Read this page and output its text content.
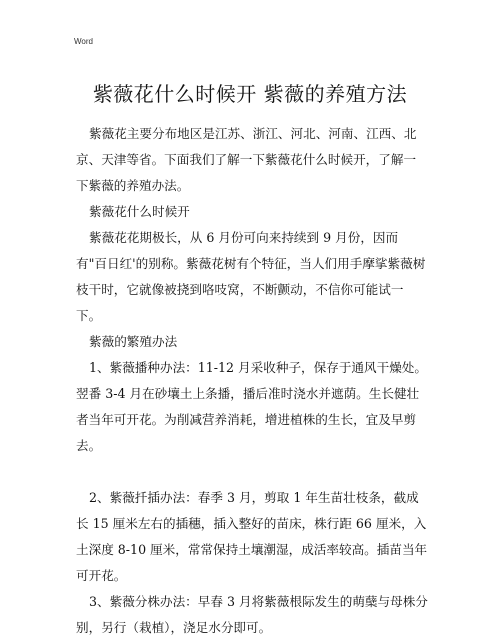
Word
紫薇花什么时候开 紫薇的养殖方法

紫薇花主要分布地区是江苏、浙江、河北、河南、江西、北京、天津等省。下面我们了解一下紫薇花什么时候开，了解一下紫薇的养殖办法。

紫薇花什么时候开

紫薇花花期极长，从 6 月份可向来持续到 9 月份，因而有"百日红'的别称。紫薇花树有个特征，当人们用手摩挲紫薇树枝干时，它就像被挠到咯吱窝，不断颤动，不信你可能试一下。

紫薇的繁殖办法

1、紫薇播种办法：11-12 月采收种子，保存于通风干燥处。翌番 3-4 月在砂壤土上条播，播后准时浇水并遮荫。生长健壮者当年可开花。为削减营养消耗，增进植株的生长，宜及早剪去。

2、紫薇扦插办法：春季 3 月，剪取 1 年生苗壮枝条，截成长 15 厘米左右的插穗，插入整好的苗床，株行距 66 厘米，入土深度 8-10 厘米，常常保持土壤潮湿，成活率较高。插苗当年可开花。

3、紫薇分株办法：早春 3 月将紫薇根际发生的萌蘖与母株分别，另行（栽植），浇足水分即可。
